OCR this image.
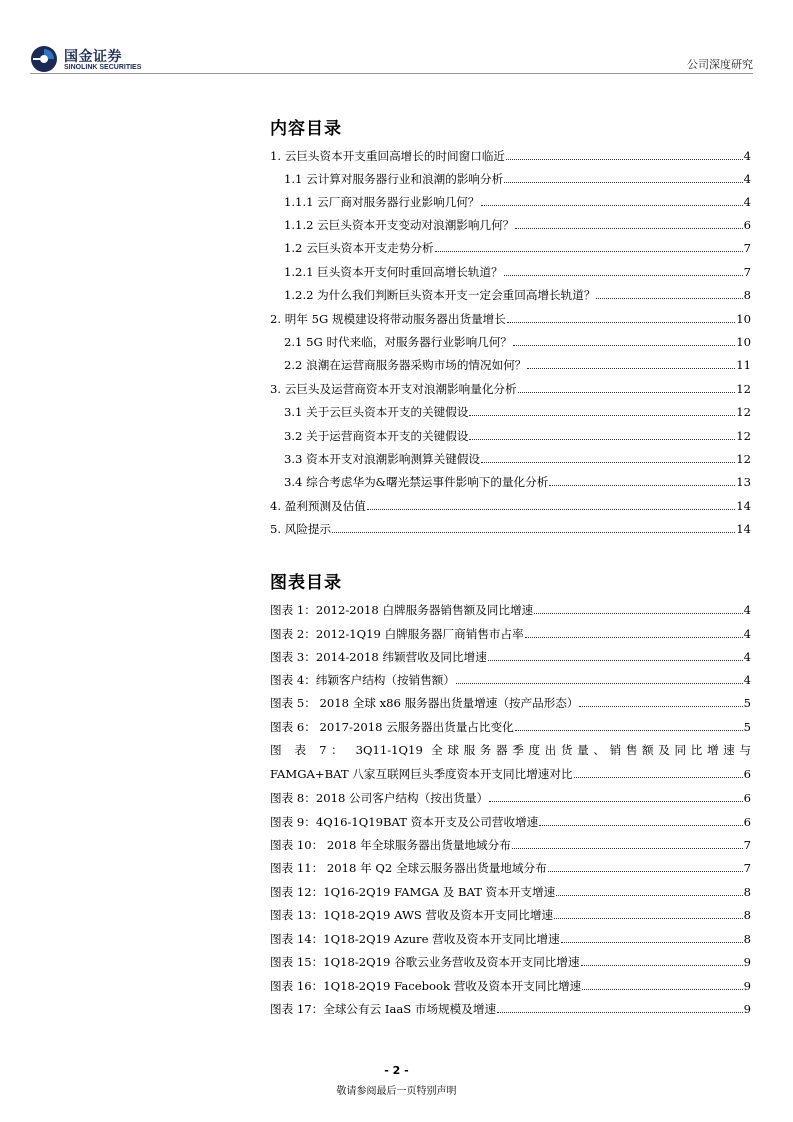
国金证券
SINOLINK SECURITIES	公司深度研究
内容目录
1. 云巨头资本开支重回高增长的时间窗口临近	4
1.1 云计算对服务器行业和浪潮的影响分析	4
1.1.1 云厂商对服务器行业影响几何？	4
1.1.2 云巨头资本开支变动对浪潮影响几何？	6
1.2 云巨头资本开支走势分析	7
1.2.1 巨头资本开支何时重回高增长轨道？	7
1.2.2 为什么我们判断巨头资本开支一定会重回高增长轨道？	8
2. 明年 5G 规模建设将带动服务器出货量增长	10
2.1 5G 时代来临，对服务器行业影响几何？	10
2.2 浪潮在运营商服务器采购市场的情况如何？	11
3. 云巨头及运营商资本开支对浪潮影响量化分析	12
3.1 关于云巨头资本开支的关键假设	12
3.2 关于运营商资本开支的关键假设	12
3.3 资本开支对浪潮影响测算关键假设	12
3.4 综合考虑华为&曙光禁运事件影响下的量化分析	13
4. 盈利预测及估值	14
5. 风险提示	14
图表目录
图表 1：2012-2018 白牌服务器销售额及同比增速	4
图表 2：2012-1Q19 白牌服务器厂商销售市占率	4
图表 3：2014-2018 纬颖营收及同比增速	4
图表 4：纬颖客户结构（按销售额）	4
图表 5： 2018 全球 x86 服务器出货量增速（按产品形态）	5
图表 6： 2017-2018 云服务器出货量占比变化	5
图 表 7： 3Q11-1Q19 全球服务器季度出货量、销售额及同比增速与
FAMGA+BAT 八家互联网巨头季度资本开支同比增速对比	6
图表 8：2018 公司客户结构（按出货量）	6
图表 9：4Q16-1Q19BAT 资本开支及公司营收增速	6
图表 10： 2018 年全球服务器出货量地域分布	7
图表 11： 2018 年 Q2 全球云服务器出货量地域分布	7
图表 12：1Q16-2Q19 FAMGA 及 BAT 资本开支增速	8
图表 13：1Q18-2Q19 AWS 营收及资本开支同比增速	8
图表 14：1Q18-2Q19 Azure 营收及资本开支同比增速	8
图表 15：1Q18-2Q19 谷歌云业务营收及资本开支同比增速	9
图表 16：1Q18-2Q19 Facebook 营收及资本开支同比增速	9
图表 17：全球公有云 IaaS 市场规模及增速	9
- 2 -
敬请参阅最后一页特别声明
